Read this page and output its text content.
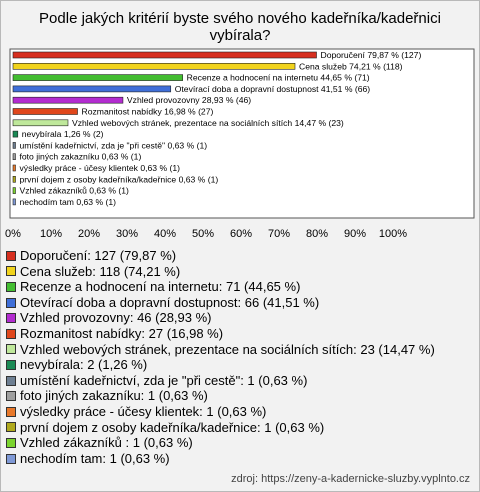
Podle jakých kritérií byste svého nového kadeřníka/kadeřnici vybírala?
Doporučení 79,87 % (127)
Cena služeb 74,21 % (118)
Recenze a hodnocení na internetu 44,65 % (71)
Otevírací doba a dopravní dostupnost 41,51 % (66)
Vzhled provozovny 28,93 % (46)
Rozmanitost nabídky 16,98 % (27)
Vzhled webových stránek, prezentace na sociálních sítích 14,47 % (23)
nevybírala 1,26 % (2)
umístění kadeřnictví, zda je "při cestě" 0,63 % (1)
foto jiných zakazníku 0,63 % (1)
výsledky práce - účesy klientek 0,63 % (1)
první dojem z osoby kadeřníka/kadeřnice 0,63 % (1)
Vzhled zákazníků 0,63 % (1)
nechodím tam 0,63 % (1)
0% 10% 20% 30% 40% 50% 60% 70% 80% 90% 100%
Doporučení: 127 (79,87 %)
Cena služeb: 118 (74,21 %)
Recenze a hodnocení na internetu: 71 (44,65 %)
Otevírací doba a dopravní dostupnost: 66 (41,51 %)
Vzhled provozovny: 46 (28,93 %)
Rozmanitost nabídky: 27 (16,98 %)
Vzhled webových stránek, prezentace na sociálních sítích: 23 (14,47 %)
nevybírala: 2 (1,26 %)
umístění kadeřnictví, zda je "při cestě": 1 (0,63 %)
foto jiných zakazníku: 1 (0,63 %)
výsledky práce - účesy klientek: 1 (0,63 %)
první dojem z osoby kadeřníka/kadeřnice: 1 (0,63 %)
Vzhled zákazníků : 1 (0,63 %)
nechodím tam: 1 (0,63 %)
zdroj: https://zeny-a-kadernicke-sluzby.vyplnto.cz
